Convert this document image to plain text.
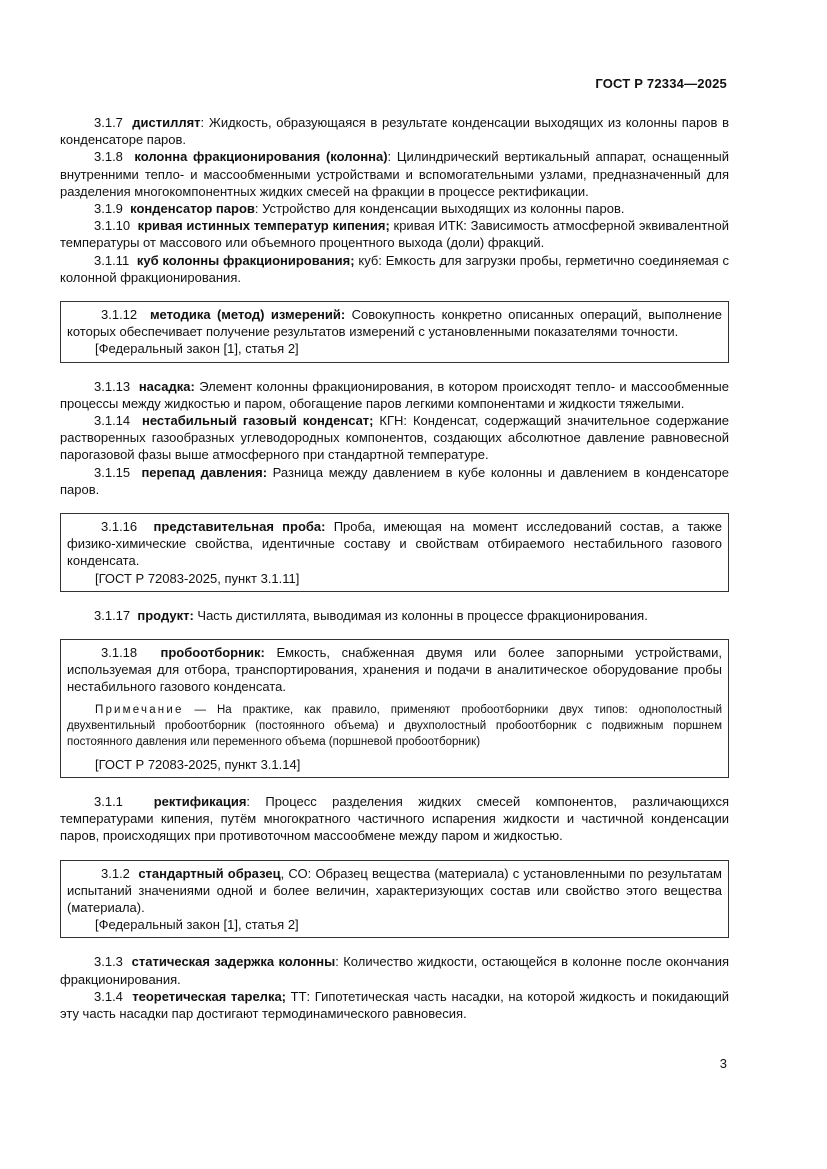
ГОСТ Р 72334—2025

3.1.7 дистиллят: Жидкость, образующаяся в результате конденсации выходящих из колонны паров в конденсаторе паров.

3.1.8 колонна фракционирования (колонна): Цилиндрический вертикальный аппарат, оснащенный внутренними тепло- и массообменными устройствами и вспомогательными узлами, предназначенный для разделения многокомпонентных жидких смесей на фракции в процессе ректификации.

3.1.9 конденсатор паров: Устройство для конденсации выходящих из колонны паров.

3.1.10 кривая истинных температур кипения; кривая ИТК: Зависимость атмосферной эквивалентной температуры от массового или объемного процентного выхода (доли) фракций.

3.1.11 куб колонны фракционирования; куб: Емкость для загрузки пробы, герметично соединяемая с колонной фракционирования.

3.1.12 методика (метод) измерений: Совокупность конкретно описанных операций, выполнение которых обеспечивает получение результатов измерений с установленными показателями точности.

[Федеральный закон [1], статья 2]

3.1.13 насадка: Элемент колонны фракционирования, в котором происходят тепло- и массообменные процессы между жидкостью и паром, обогащение паров легкими компонентами и жидкости тяжелыми.

3.1.14 нестабильный газовый конденсат; КГН: Конденсат, содержащий значительное содержание растворенных газообразных углеводородных компонентов, создающих абсолютное давление равновесной парогазовой фазы выше атмосферного при стандартной температуре.

3.1.15 перепад давления: Разница между давлением в кубе колонны и давлением в конденсаторе паров.

3.1.16 представительная проба: Проба, имеющая на момент исследований состав, а также физико-химические свойства, идентичные составу и свойствам отбираемого нестабильного газового конденсата.

[ГОСТ Р 72083-2025, пункт 3.1.11]

3.1.17 продукт: Часть дистиллята, выводимая из колонны в процессе фракционирования.

3.1.18 пробоотборник: Емкость, снабженная двумя или более запорными устройствами, используемая для отбора, транспортирования, хранения и подачи в аналитическое оборудование пробы нестабильного газового конденсата.

Примечание — На практике, как правило, применяют пробоотборники двух типов: однополостный двухвентильный пробоотборник (постоянного объема) и двухполостный пробоотборник с подвижным поршнем постоянного давления или переменного объема (поршневой пробоотборник)

[ГОСТ Р 72083-2025, пункт 3.1.14]

3.1.1 ректификация: Процесс разделения жидких смесей компонентов, различающихся температурами кипения, путём многократного частичного испарения жидкости и частичной конденсации паров, происходящих при противоточном массообмене между паром и жидкостью.

3.1.2 стандартный образец, СО: Образец вещества (материала) с установленными по результатам испытаний значениями одной и более величин, характеризующих состав или свойство этого вещества (материала).

[Федеральный закон [1], статья 2]

3.1.3 статическая задержка колонны: Количество жидкости, остающейся в колонне после окончания фракционирования.

3.1.4 теоретическая тарелка; ТТ: Гипотетическая часть насадки, на которой жидкость и покидающий эту часть насадки пар достигают термодинамического равновесия.

3
